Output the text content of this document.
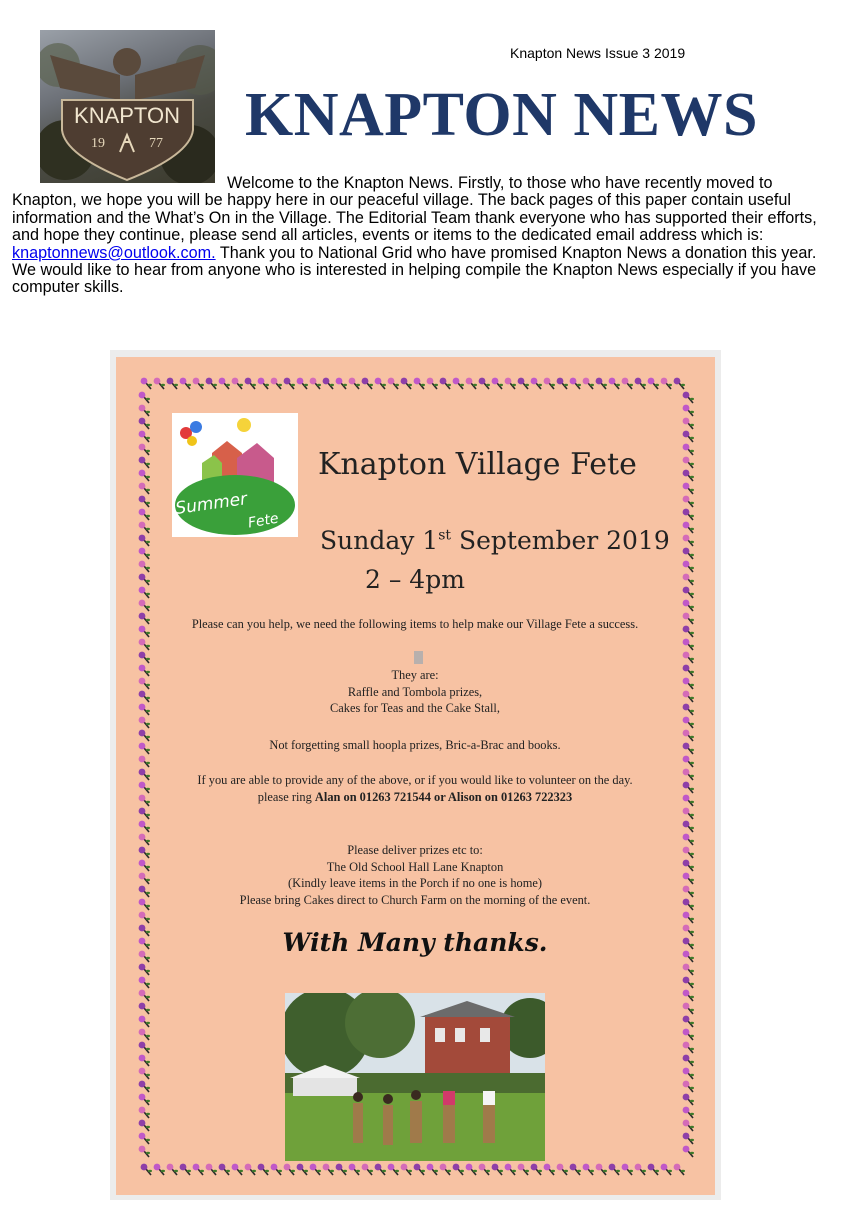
KNAPTON
19	77
Knapton News Issue 3 2019
KNAPTON NEWS

Welcome to the Knapton News. Firstly, to those who have recently moved to Knapton, we hope you will be happy here in our peaceful village. The back pages of this paper contain useful information and the What’s On in the Village. The Editorial Team thank everyone who has supported their efforts, and hope they continue, please send all articles, events or items to the dedicated email address which is: knaptonnews@outlook.com. Thank you to National Grid who have promised Knapton News a donation this year. We would like to hear from anyone who is interested in helping compile the Knapton News especially if you have computer skills.

Summer
Fete
Knapton Village Fete

Sunday 1st September 2019

2 – 4pm

Please can you help, we need the following items to help make our Village Fete a success.

They are:

Raffle and Tombola prizes,

Cakes for Teas and the Cake Stall,

Not forgetting small hoopla prizes, Bric-a-Brac and books.

If you are able to provide any of the above, or if you would like to volunteer on the day.

please ring Alan on 01263 721544 or Alison on 01263 722323

Please deliver prizes etc to:

The Old School Hall Lane Knapton

(Kindly leave items in the Porch if no one is home)

Please bring Cakes direct to Church Farm on the morning of the event.

With Many thanks.
